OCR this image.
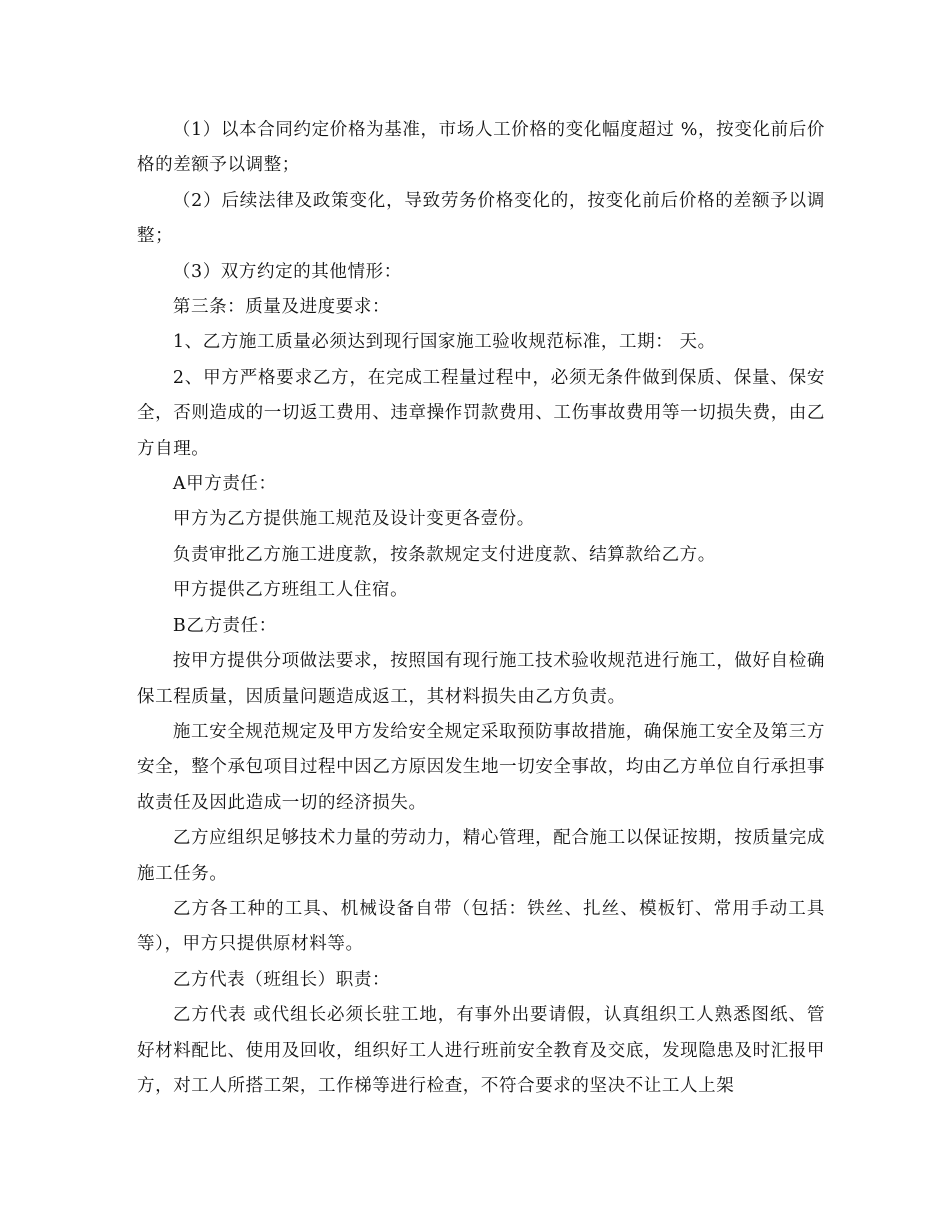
（1）以本合同约定价格为基准，市场人工价格的变化幅度超过 %，按变化前后价格的差额予以调整；

（2）后续法律及政策变化，导致劳务价格变化的，按变化前后价格的差额予以调整；

（3）双方约定的其他情形：

第三条：质量及进度要求：

1、乙方施工质量必须达到现行国家施工验收规范标准，工期： 天。

2、甲方严格要求乙方，在完成工程量过程中，必须无条件做到保质、保量、保安全，否则造成的一切返工费用、违章操作罚款费用、工伤事故费用等一切损失费，由乙方自理。

A甲方责任：

甲方为乙方提供施工规范及设计变更各壹份。

负责审批乙方施工进度款，按条款规定支付进度款、结算款给乙方。

甲方提供乙方班组工人住宿。

B乙方责任：

按甲方提供分项做法要求，按照国有现行施工技术验收规范进行施工，做好自检确保工程质量，因质量问题造成返工，其材料损失由乙方负责。

施工安全规范规定及甲方发给安全规定采取预防事故措施，确保施工安全及第三方安全，整个承包项目过程中因乙方原因发生地一切安全事故，均由乙方单位自行承担事故责任及因此造成一切的经济损失。

乙方应组织足够技术力量的劳动力，精心管理，配合施工以保证按期，按质量完成施工任务。

乙方各工种的工具、机械设备自带（包括：铁丝、扎丝、模板钉、常用手动工具等），甲方只提供原材料等。

乙方代表（班组长）职责：

乙方代表 或代组长必须长驻工地，有事外出要请假，认真组织工人熟悉图纸、管好材料配比、使用及回收，组织好工人进行班前安全教育及交底，发现隐患及时汇报甲方，对工人所搭工架，工作梯等进行检查，不符合要求的坚决不让工人上架
